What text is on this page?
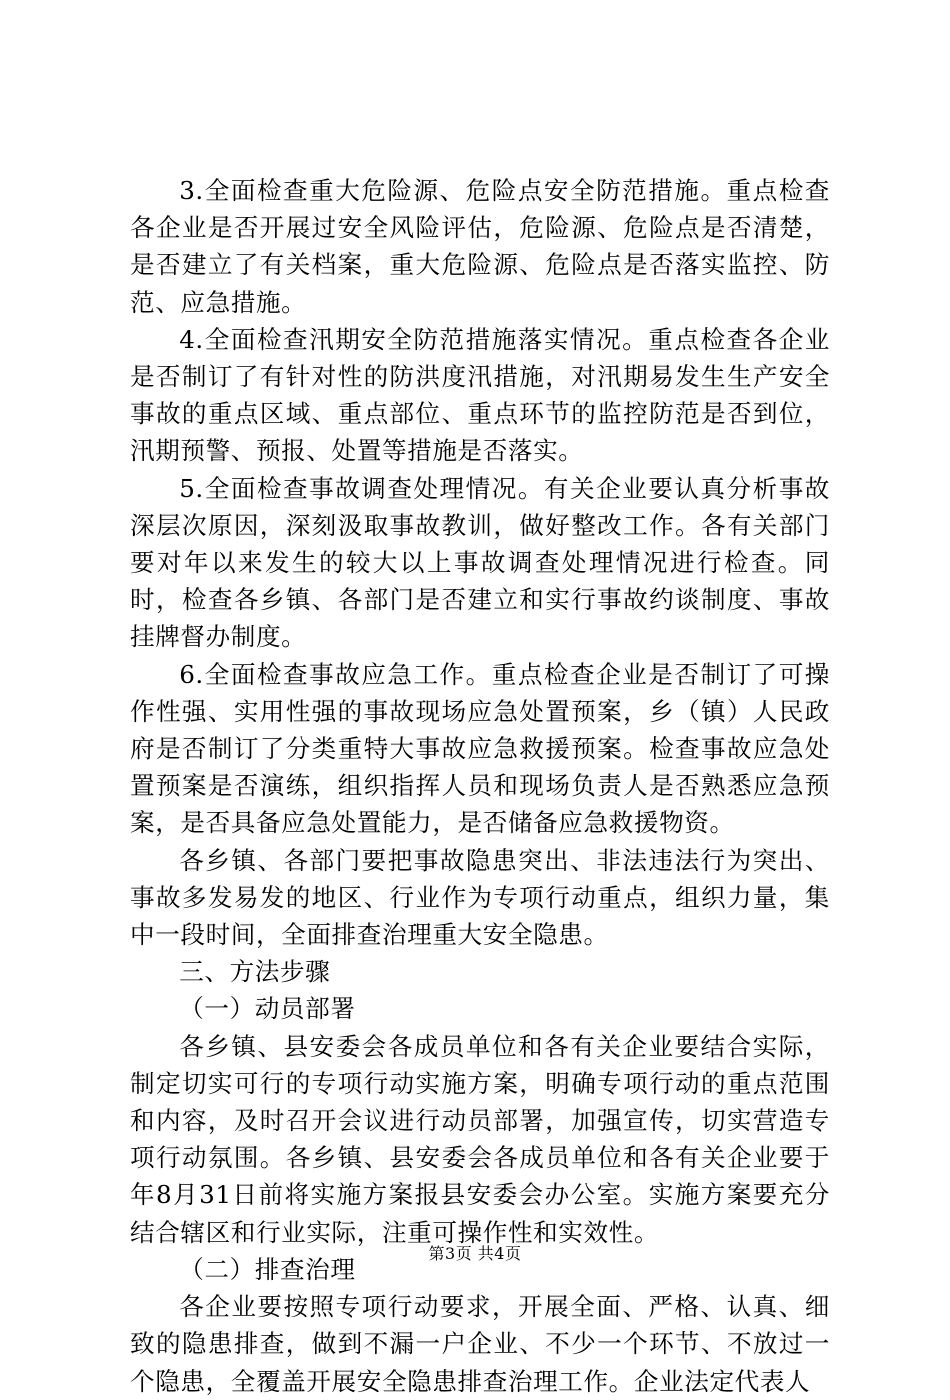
3.全面检查重大危险源、危险点安全防范措施。重点检查各企业是否开展过安全风险评估，危险源、危险点是否清楚，是否建立了有关档案，重大危险源、危险点是否落实监控、防范、应急措施。

4.全面检查汛期安全防范措施落实情况。重点检查各企业是否制订了有针对性的防洪度汛措施，对汛期易发生生产安全事故的重点区域、重点部位、重点环节的监控防范是否到位，汛期预警、预报、处置等措施是否落实。

5.全面检查事故调查处理情况。有关企业要认真分析事故深层次原因，深刻汲取事故教训，做好整改工作。各有关部门要对年以来发生的较大以上事故调查处理情况进行检查。同时，检查各乡镇、各部门是否建立和实行事故约谈制度、事故挂牌督办制度。

6.全面检查事故应急工作。重点检查企业是否制订了可操作性强、实用性强的事故现场应急处置预案，乡（镇）人民政府是否制订了分类重特大事故应急救援预案。检查事故应急处置预案是否演练，组织指挥人员和现场负责人是否熟悉应急预案，是否具备应急处置能力，是否储备应急救援物资。

各乡镇、各部门要把事故隐患突出、非法违法行为突出、事故多发易发的地区、行业作为专项行动重点，组织力量，集中一段时间，全面排查治理重大安全隐患。

三、方法步骤

（一）动员部署

各乡镇、县安委会各成员单位和各有关企业要结合实际，制定切实可行的专项行动实施方案，明确专项行动的重点范围和内容，及时召开会议进行动员部署，加强宣传，切实营造专项行动氛围。各乡镇、县安委会各成员单位和各有关企业要于年8月31日前将实施方案报县安委会办公室。实施方案要充分结合辖区和行业实际，注重可操作性和实效性。

（二）排查治理

各企业要按照专项行动要求，开展全面、严格、认真、细致的隐患排查，做到不漏一户企业、不少一个环节、不放过一个隐患，全覆盖开展安全隐患排查治理工作。企业法定代表人

第3页 共4页
